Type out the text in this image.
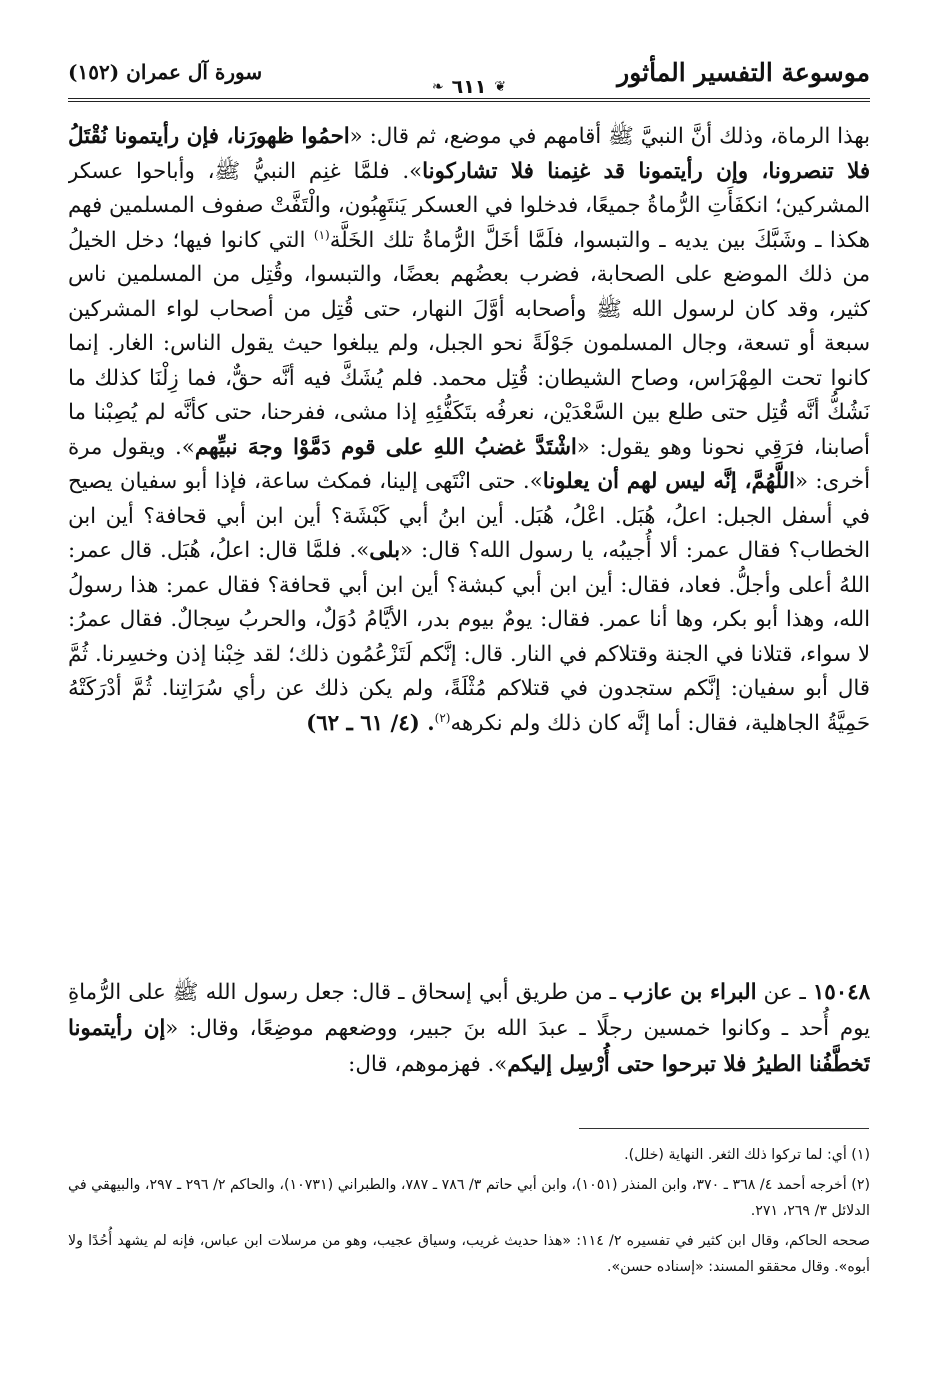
موسوعة التفسير المأثور
❦
٦١١
❧
سورة آل عمران (١٥٢)
بهذا الرماة، وذلك أنَّ النبيَّ ﷺ أقامهم في موضع، ثم قال: «احمُوا ظهورَنا، فإن رأيتمونا نُقْتَلُ فلا تنصرونا، وإن رأيتمونا قد غنِمنا فلا تشاركونا». فلمَّا غنِم النبيُّ ﷺ، وأباحوا عسكر المشركين؛ انكفَأَتِ الرُّماةُ جميعًا، فدخلوا في العسكر يَنتَهِبُون، والْتَفَّتْ صفوف المسلمين فهم هكذا ـ وشَبَّكَ بين يديه ـ والتبسوا، فلَمَّا أخَلَّ الرُّماةُ تلك الخَلَّة$^{(١)}$ التي كانوا فيها؛ دخل الخيلُ من ذلك الموضع على الصحابة، فضرب بعضُهم بعضًا، والتبسوا، وقُتِل من المسلمين ناس كثير، وقد كان لرسول الله ﷺ وأصحابه أوَّلَ النهار، حتى قُتِل من أصحاب لواء المشركين سبعة أو تسعة، وجال المسلمون جَوْلَةً نحو الجبل، ولم يبلغوا حيث يقول الناس: الغار. إنما كانوا تحت المِهْرَاس، وصاح الشيطان: قُتِل محمد. فلم يُشَكَّ فيه أنَّه حقٌّ، فما زِلْنَا كذلك ما نَشُكُّ أنَّه قُتِل حتى طلع بين السَّعْدَيْن، نعرفُه بتَكَفُّئِهِ إذا مشى، ففرحنا، حتى كأنَّه لم يُصِبْنا ما أصابنا، فرَقِي نحونا وهو يقول: «اشْتَدَّ غضبُ اللهِ على قوم دَمَّوْا وجهَ نبيِّهم». ويقول مرة أخرى: «اللَّهُمَّ، إنَّه ليس لهم أن يعلونا». حتى انْتَهى إلينا، فمكث ساعة، فإذا أبو سفيان يصيح في أسفل الجبل: اعلُ، هُبَل. اعْلُ، هُبَل. أين ابنُ أبي كَبْشَة؟ أين ابن أبي قحافة؟ أين ابن الخطاب؟ فقال عمر: ألا أُجيبُه، يا رسول الله؟ قال: «بلى». فلمَّا قال: اعلُ، هُبَل. قال عمر: اللهُ أعلى وأجلُّ. فعاد، فقال: أين ابن أبي كبشة؟ أين ابن أبي قحافة؟ فقال عمر: هذا رسولُ الله، وهذا أبو بكر، وها أنا عمر. فقال: يومٌ بيوم بدر، الأيَّامُ دُوَلٌ، والحربُ سِجالٌ. فقال عمرُ: لا سواء، قتلانا في الجنة وقتلاكم في النار. قال: إنَّكم لَتَزْعُمُون ذلك؛ لقد خِبْنا إذن وخسِرنا. ثُمَّ قال أبو سفيان: إنَّكم ستجدون في قتلاكم مُثْلَةً، ولم يكن ذلك عن رأي سُرَاتِنا. ثُمَّ أدْرَكَتْهُ حَمِيَّةُ الجاهلية، فقال: أما إنَّه كان ذلك ولم نكرهه$^{(٢)}$. (٤/ ٦١ ـ ٦٢)
١٥٠٤٨ ـ عن البراء بن عازب ـ من طريق أبي إسحاق ـ قال: جعل رسول الله ﷺ على الرُّماةِ يوم أُحد ـ وكانوا خمسين رجلًا ـ عبدَ الله بنَ جبير، ووضعهم موضِعًا، وقال: «إن رأيتمونا تَخطَّفُنا الطيرُ فلا تبرحوا حتى أُرْسِل إليكم». فهزموهم، قال:

(١) أي: لما تركوا ذلك الثغر. النهاية (خلل).

(٢) أخرجه أحمد ٤/ ٣٦٨ ـ ٣٧٠، وابن المنذر (١٠٥١)، وابن أبي حاتم ٣/ ٧٨٦ ـ ٧٨٧، والطبراني (١٠٧٣١)، والحاكم ٢/ ٢٩٦ ـ ٢٩٧، والبيهقي في الدلائل ٣/ ٢٦٩، ٢٧١.

صححه الحاكم، وقال ابن كثير في تفسيره ٢/ ١١٤: «هذا حديث غريب، وسياق عجيب، وهو من مرسلات ابن عباس، فإنه لم يشهد أُحُدًا ولا أبوه». وقال محققو المسند: «إسناده حسن».
